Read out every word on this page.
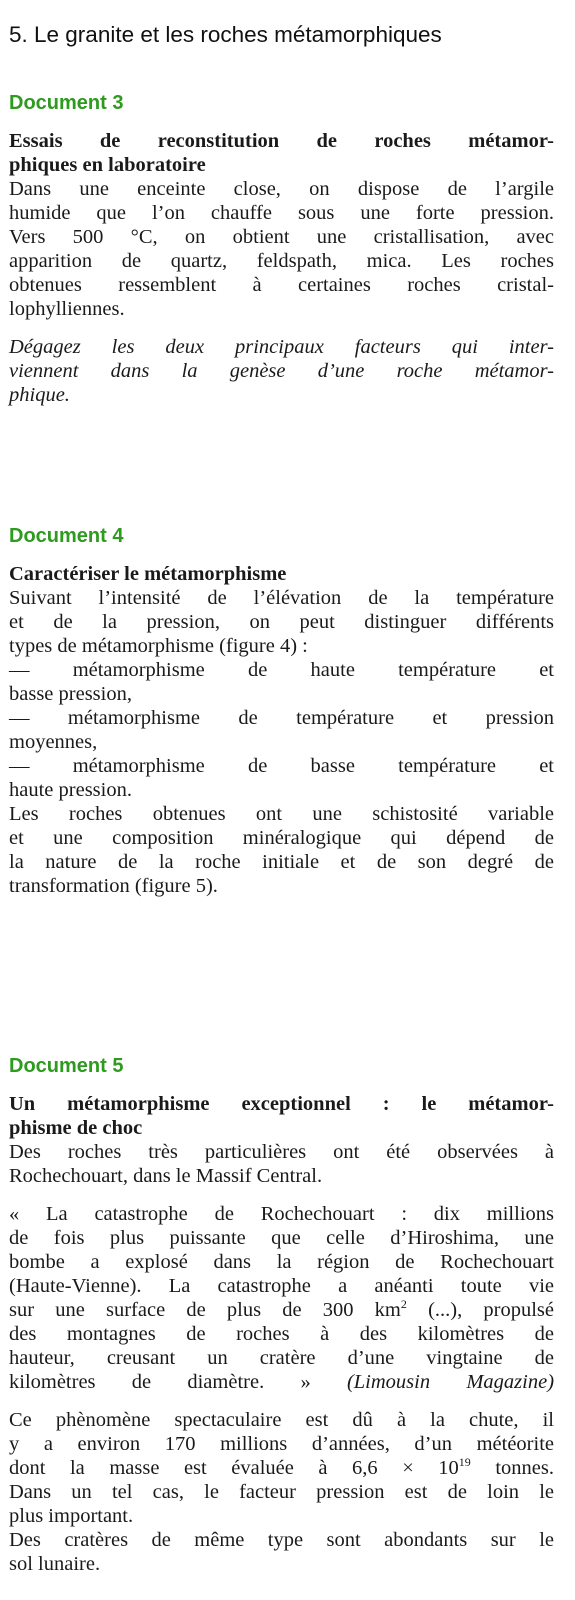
5. Le granite et les roches métamorphiques
Document 3
Essais de reconstitution de roches métamor-
phiques en laboratoire
Dans une enceinte close, on dispose de l’argile
humide que l’on chauffe sous une forte pression.
Vers 500 °C, on obtient une cristallisation, avec
apparition de quartz, feldspath, mica. Les roches
obtenues ressemblent à certaines roches cristal-
lophylliennes.
Dégagez les deux principaux facteurs qui inter-
viennent dans la genèse d’une roche métamor-
phique.
Document 4
Caractériser le métamorphisme
Suivant l’intensité de l’élévation de la température
et de la pression, on peut distinguer différents
types de métamorphisme (figure 4) :
— métamorphisme de haute température et
basse pression,
— métamorphisme de température et pression
moyennes,
— métamorphisme de basse température et
haute pression.
Les roches obtenues ont une schistosité variable
et une composition minéralogique qui dépend de
la nature de la roche initiale et de son degré de
transformation (figure 5).
Document 5
Un métamorphisme exceptionnel : le métamor-
phisme de choc
Des roches très particulières ont été observées à
Rochechouart, dans le Massif Central.
« La catastrophe de Rochechouart : dix millions
de fois plus puissante que celle d’Hiroshima, une
bombe a explosé dans la région de Rochechouart
(Haute-Vienne). La catastrophe a anéanti toute vie
sur une surface de plus de 300 $km^2$ (...), propulsé
des montagnes de roches à des kilomètres de
hauteur, creusant un cratère d’une vingtaine de
kilomètres de diamètre. » (Limousin Magazine)
Ce phènomène spectaculaire est dû à la chute, il
y a environ 170 millions d’années, d’un météorite
dont la masse est évaluée à $6,6 \times 10^{19}$ tonnes.
Dans un tel cas, le facteur pression est de loin le
plus important.
Des cratères de même type sont abondants sur le
sol lunaire.
